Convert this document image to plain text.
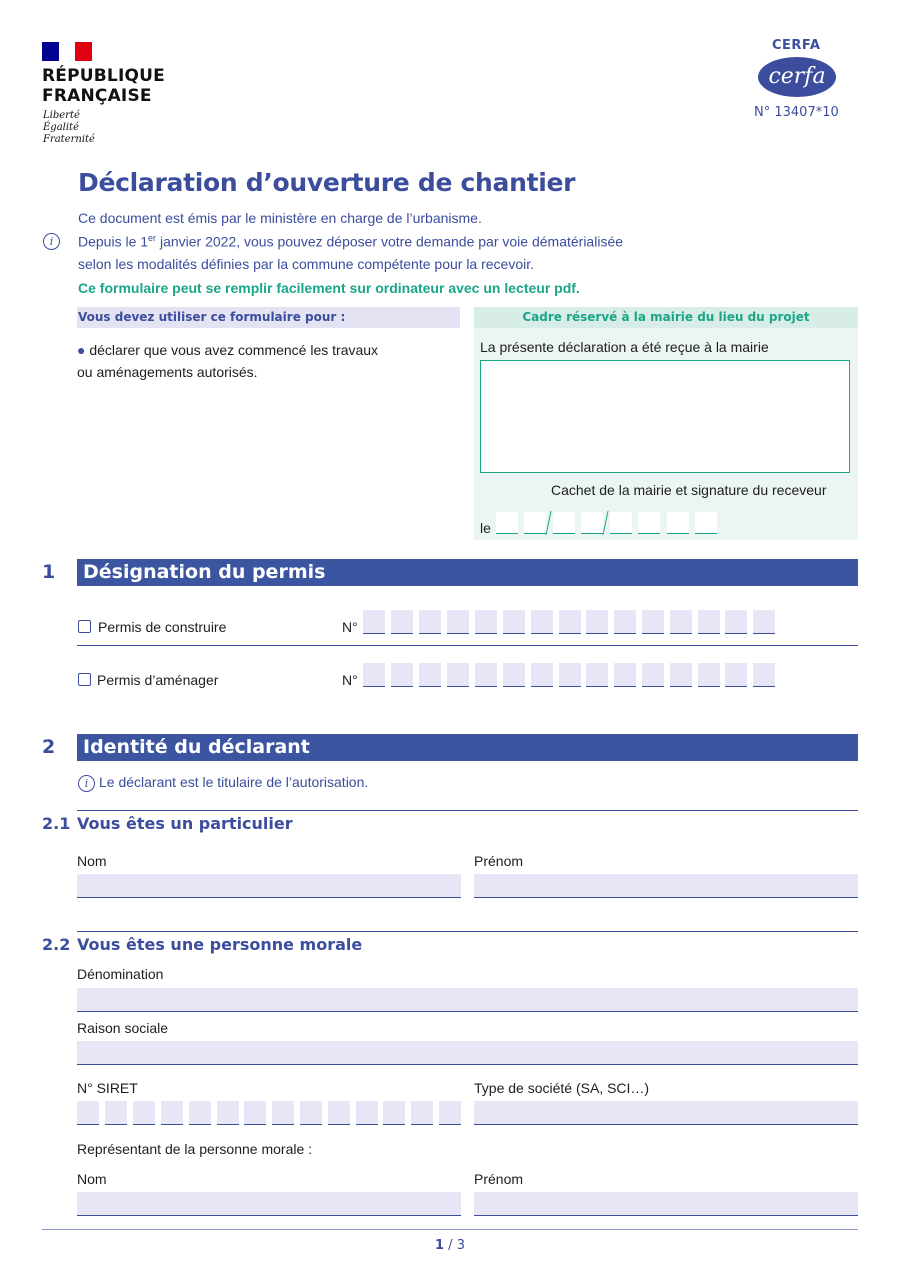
RÉPUBLIQUE
FRANÇAISE
Liberté
Égalité
Fraternité
CERFA
cerfa
N° 13407*10
Déclaration d’ouverture de chantier
Ce document est émis par le ministère en charge de l’urbanisme.
i	Depuis le 1er janvier 2022, vous pouvez déposer votre demande par voie dématérialisée
selon les modalités définies par la commune compétente pour la recevoir.
Ce formulaire peut se remplir facilement sur ordinateur avec un lecteur pdf.
Vous devez utiliser ce formulaire pour :
● déclarer que vous avez commencé les travaux
ou aménagements autorisés.
Cadre réservé à la mairie du lieu du projet
La présente déclaration a été reçue à la mairie
Cachet de la mairie et signature du receveur
le
1	Désignation du permis
Permis de construire	N°
Permis d’aménager	N°
2	Identité du déclarant
i Le déclarant est le titulaire de l’autorisation.
2.1 Vous êtes un particulier
Nom	Prénom
2.2 Vous êtes une personne morale
Dénomination
Raison sociale
N° SIRET	Type de société (SA, SCI…)
Représentant de la personne morale :
Nom	Prénom
1 / 3
